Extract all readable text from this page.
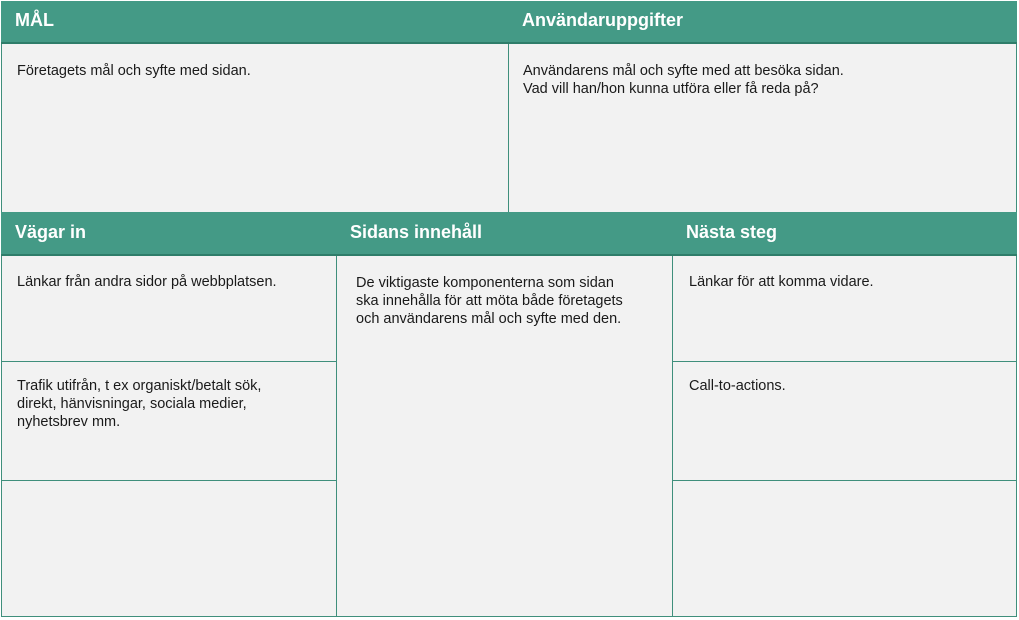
MÅL
Företagets mål och syfte med sidan.
Användaruppgifter
Användarens mål och syfte med att besöka sidan.
Vad vill han/hon kunna utföra eller få reda på?
Vägar in
Länkar från andra sidor på webbplatsen.
Trafik utifrån, t ex organiskt/betalt sök,
direkt, hänvisningar, sociala medier,
nyhetsbrev mm.
Sidans innehåll
De viktigaste komponenterna som sidan
ska innehålla för att möta både företagets
och användarens mål och syfte med den.
Nästa steg
Länkar för att komma vidare.
Call-to-actions.
